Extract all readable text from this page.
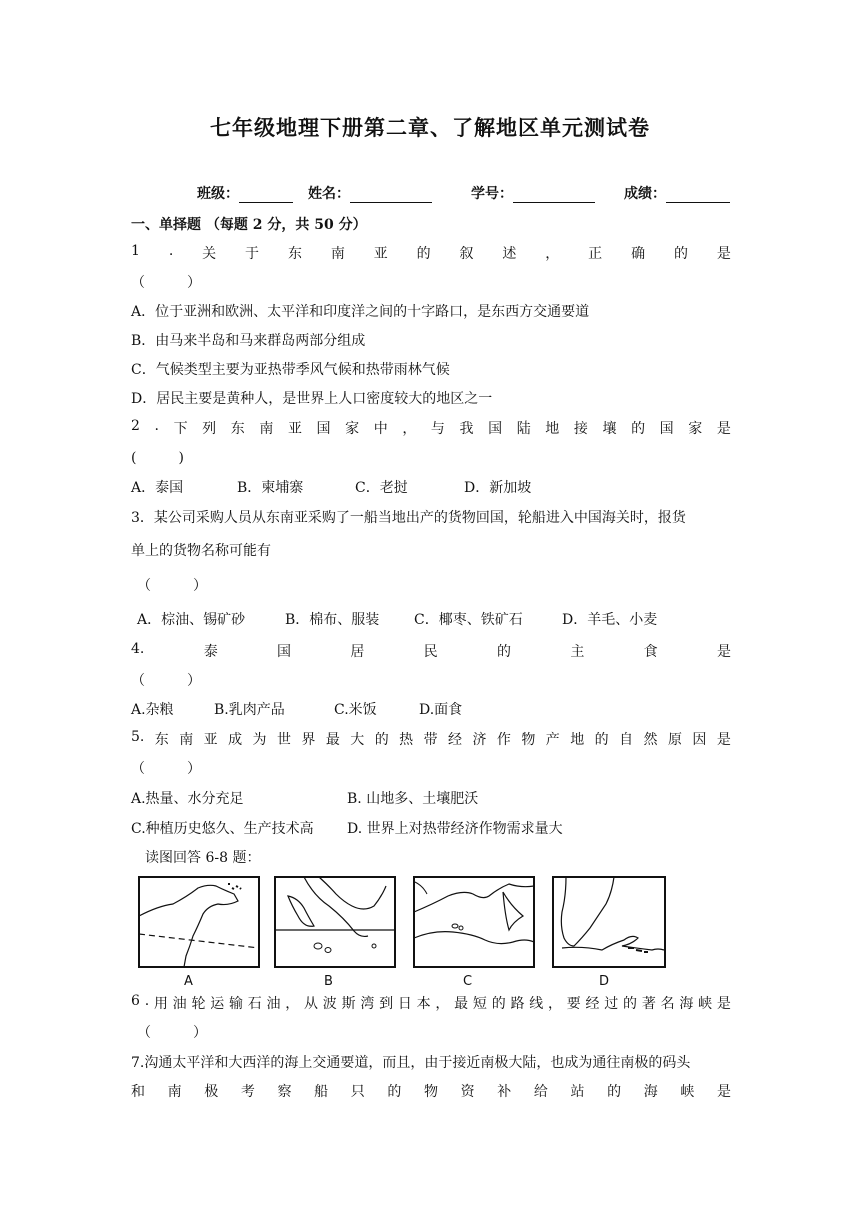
七年级地理下册第二章、了解地区单元测试卷
班级：	姓名：	学号：	成绩：
一、单择题 （每题 2 分，共 50 分）
1 . 关 于 东 南 亚 的 叙 述 ， 正 确 的 是
（　　　）
A．位于亚洲和欧洲、太平洋和印度洋之间的十字路口，是东西方交通要道
B．由马来半岛和马来群岛两部分组成
C．气候类型主要为亚热带季风气候和热带雨林气候
D．居民主要是黄种人，是世界上人口密度较大的地区之一
2 . 下 列 东 南 亚 国 家 中 ， 与 我 国 陆 地 接 壤 的 国 家 是
(　　　)
A．泰国	B．柬埔寨	C．老挝	D．新加坡
3．某公司采购人员从东南亚采购了一船当地出产的货物回国，轮船进入中国海关时，报货
单上的货物名称可能有
（　　　）
A．棕油、锡矿砂	B．棉布、服装 C．椰枣、铁矿石	D．羊毛、小麦
4.	泰	国	居	民	的	主	食	是
（　　　）
A.杂粮	B.乳肉产品	C.米饭	D.面食
5. 东 南 亚 成 为 世 界 最 大 的 热 带 经 济 作 物 产 地 的 自 然 原 因 是
（　　　）
A.热量、水分充足	B. 山地多、土壤肥沃
C.种植历史悠久、生产技术高 D. 世界上对热带经济作物需求量大
读图回答 6-8 题：
A	B	C	D
6 . 用 油 轮 运 输 石 油 ， 从 波 斯 湾 到 日 本 ， 最 短 的 路 线 ， 要 经 过 的 著 名 海 峡 是
（　　　）
7.沟通太平洋和大西洋的海上交通要道，而且，由于接近南极大陆，也成为通往南极的码头
和 南 极 考 察 船 只 的 物 资 补 给 站 的 海 峡 是
